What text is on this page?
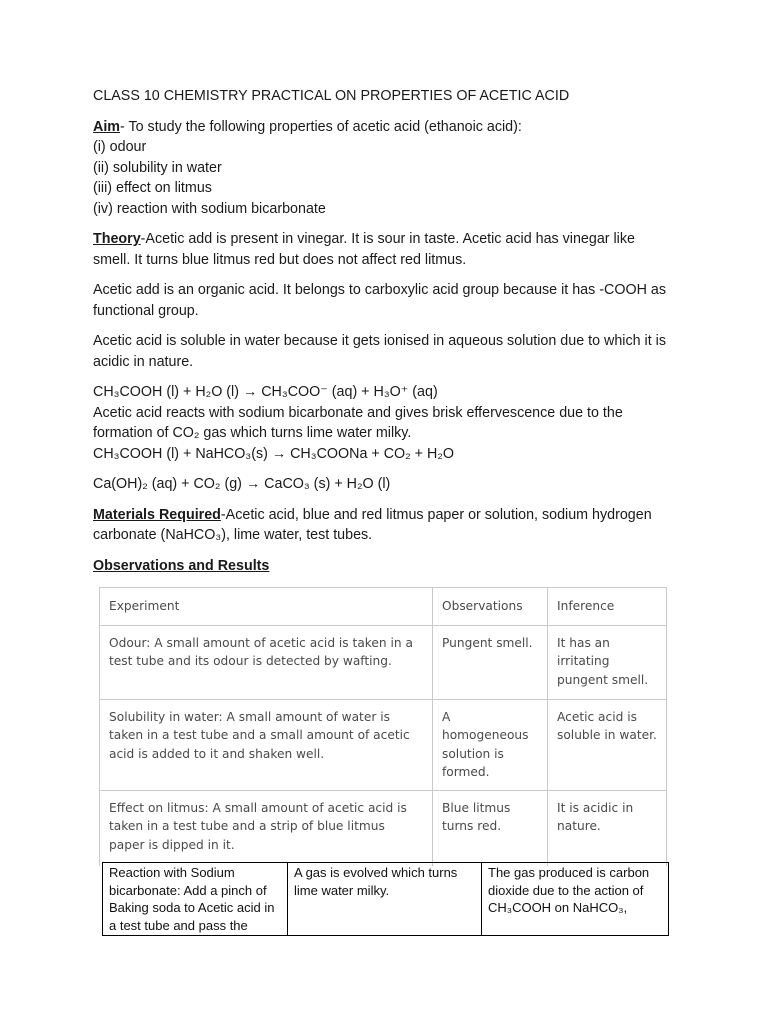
CLASS 10 CHEMISTRY PRACTICAL ON PROPERTIES OF ACETIC ACID

Aim- To study the following properties of acetic acid (ethanoic acid):

(i) odour

(ii) solubility in water

(iii) effect on litmus

(iv) reaction with sodium bicarbonate

Theory-Acetic add is present in vinegar. It is sour in taste. Acetic acid has vinegar like smell. It turns blue litmus red but does not affect red litmus.

Acetic add is an organic acid. It belongs to carboxylic acid group because it has -COOH as functional group.

Acetic acid is soluble in water because it gets ionised in aqueous solution due to which it is acidic in nature.

CH₃COOH (l) + H₂O (l) → CH₃COO⁻ (aq) + H₃O⁺ (aq)

Acetic acid reacts with sodium bicarbonate and gives brisk effervescence due to the formation of CO₂ gas which turns lime water milky.

CH₃COOH (l) + NaHCO₃(s) → CH₃COONa + CO₂ + H₂O

Ca(OH)₂ (aq) + CO₂ (g) → CaCO₃ (s) + H₂O (l)

Materials Required-Acetic acid, blue and red litmus paper or solution, sodium hydrogen carbonate (NaHCO₃), lime water, test tubes.

Observations and Results

Experiment	Observations	Inference
Odour: A small amount of acetic acid is taken in a test tube and its odour is detected by wafting.	Pungent smell.	It has an irritating pungent smell.
Solubility in water: A small amount of water is taken in a test tube and a small amount of acetic acid is added to it and shaken well.	A homogeneous solution is formed.	Acetic acid is soluble in water.
Effect on litmus: A small amount of acetic acid is taken in a test tube and a strip of blue litmus paper is dipped in it.	Blue litmus turns red.	It is acidic in nature.
Reaction with Sodium bicarbonate: Add a pinch of Baking soda to Acetic acid in a test tube and pass the	A gas is evolved which turns lime water milky.	The gas produced is carbon dioxide due to the action of CH₃COOH on NaHCO₃,
